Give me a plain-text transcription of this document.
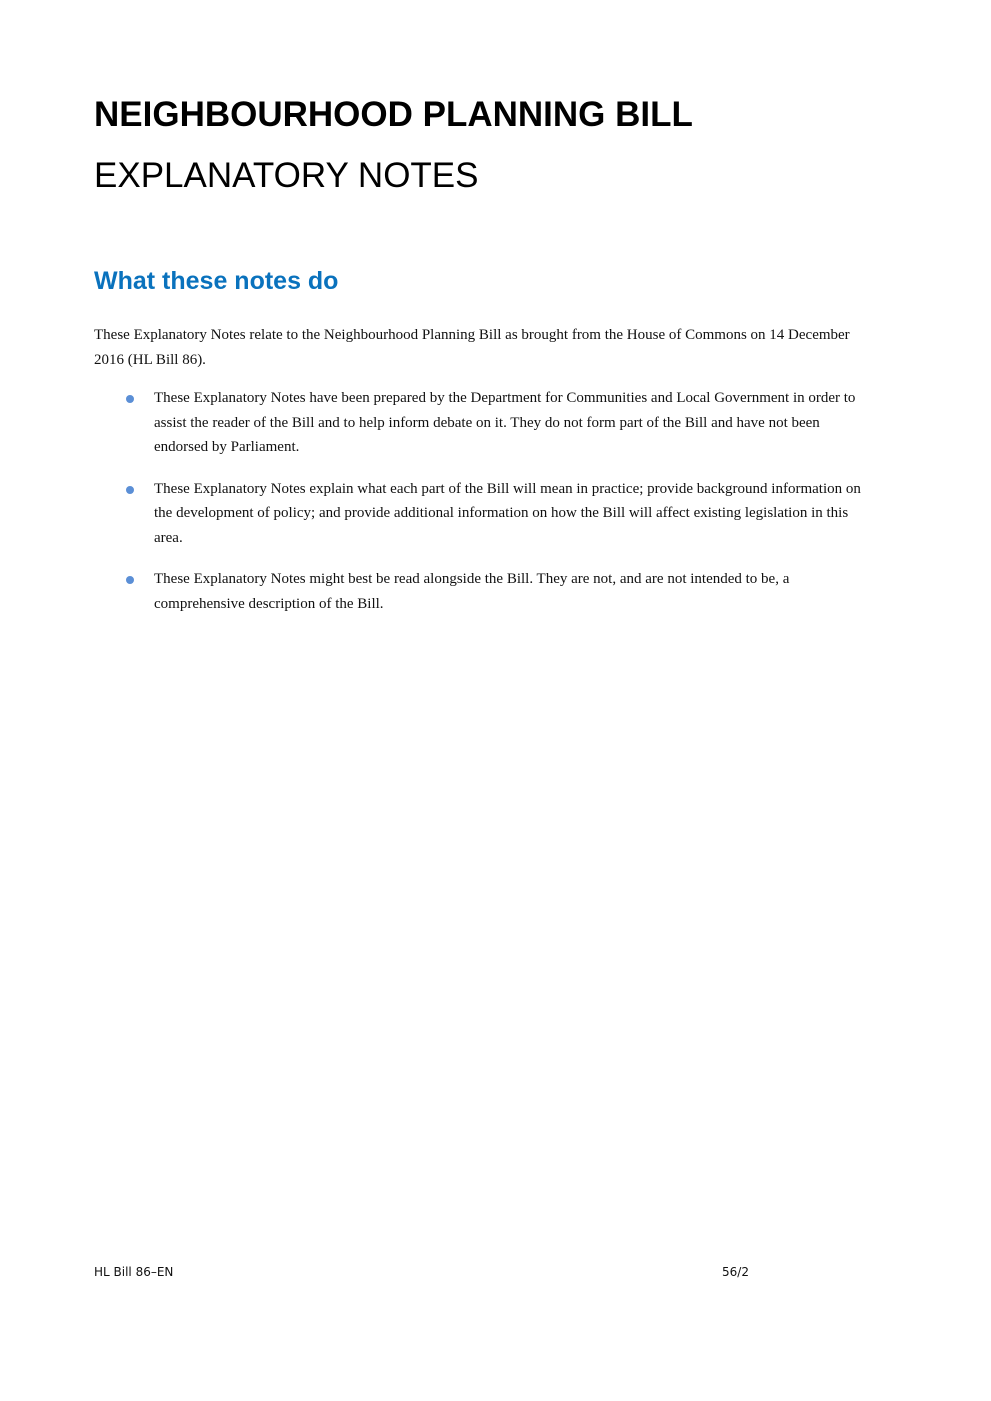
NEIGHBOURHOOD PLANNING BILL
EXPLANATORY NOTES
What these notes do

These Explanatory Notes relate to the Neighbourhood Planning Bill as brought from the House of Commons on 14 December 2016 (HL Bill 86).

These Explanatory Notes have been prepared by the Department for Communities and Local Government in order to assist the reader of the Bill and to help inform debate on it. They do not form part of the Bill and have not been endorsed by Parliament.
These Explanatory Notes explain what each part of the Bill will mean in practice; provide background information on the development of policy; and provide additional information on how the Bill will affect existing legislation in this area.
These Explanatory Notes might best be read alongside the Bill. They are not, and are not intended to be, a comprehensive description of the Bill.
HL Bill 86–EN	56/2
